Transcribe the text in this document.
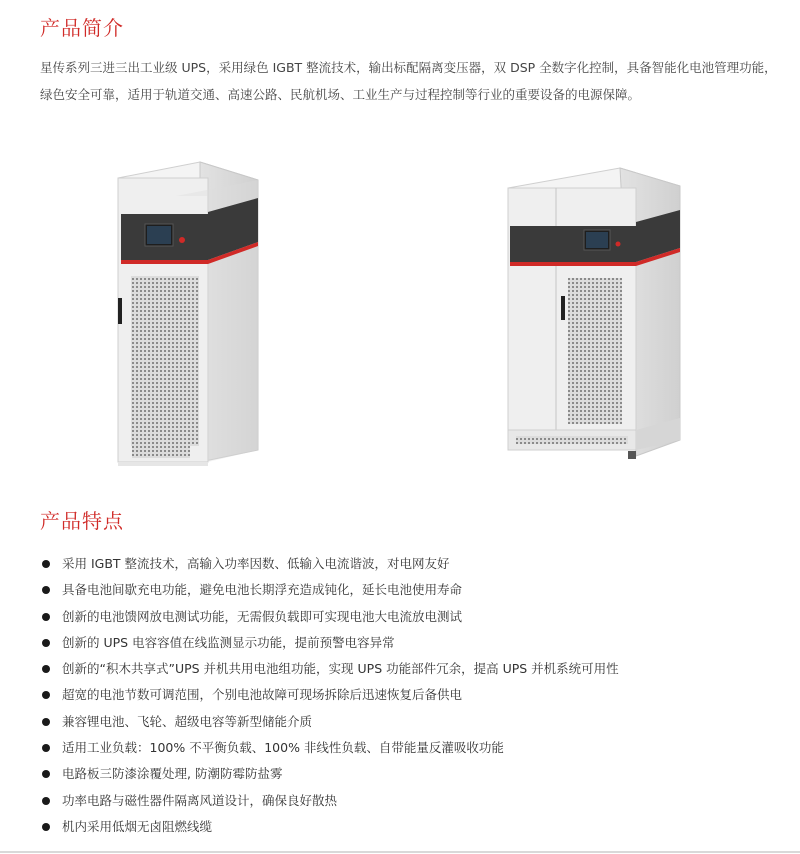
产品简介

星传系列三进三出工业级 UPS，采用绿色 IGBT 整流技术，输出标配隔离变压器，双 DSP 全数字化控制，具备智能化电池管理功能，绿色安全可靠，适用于轨道交通、高速公路、民航机场、工业生产与过程控制等行业的重要设备的电源保障。

产品特点
采用 IGBT 整流技术，高输入功率因数、低输入电流谐波，对电网友好
具备电池间歇充电功能，避免电池长期浮充造成钝化，延长电池使用寿命
创新的电池馈网放电测试功能，无需假负载即可实现电池大电流放电测试
创新的 UPS 电容容值在线监测显示功能，提前预警电容异常
创新的“积木共享式”UPS 并机共用电池组功能，实现 UPS 功能部件冗余，提高 UPS 并机系统可用性
超宽的电池节数可调范围，个别电池故障可现场拆除后迅速恢复后备供电
兼容锂电池、飞轮、超级电容等新型储能介质
适用工业负载：100% 不平衡负载、100% 非线性负载、自带能量反灌吸收功能
电路板三防漆涂覆处理, 防潮防霉防盐雾
功率电路与磁性器件隔离风道设计，确保良好散热
机内采用低烟无卤阻燃线缆
